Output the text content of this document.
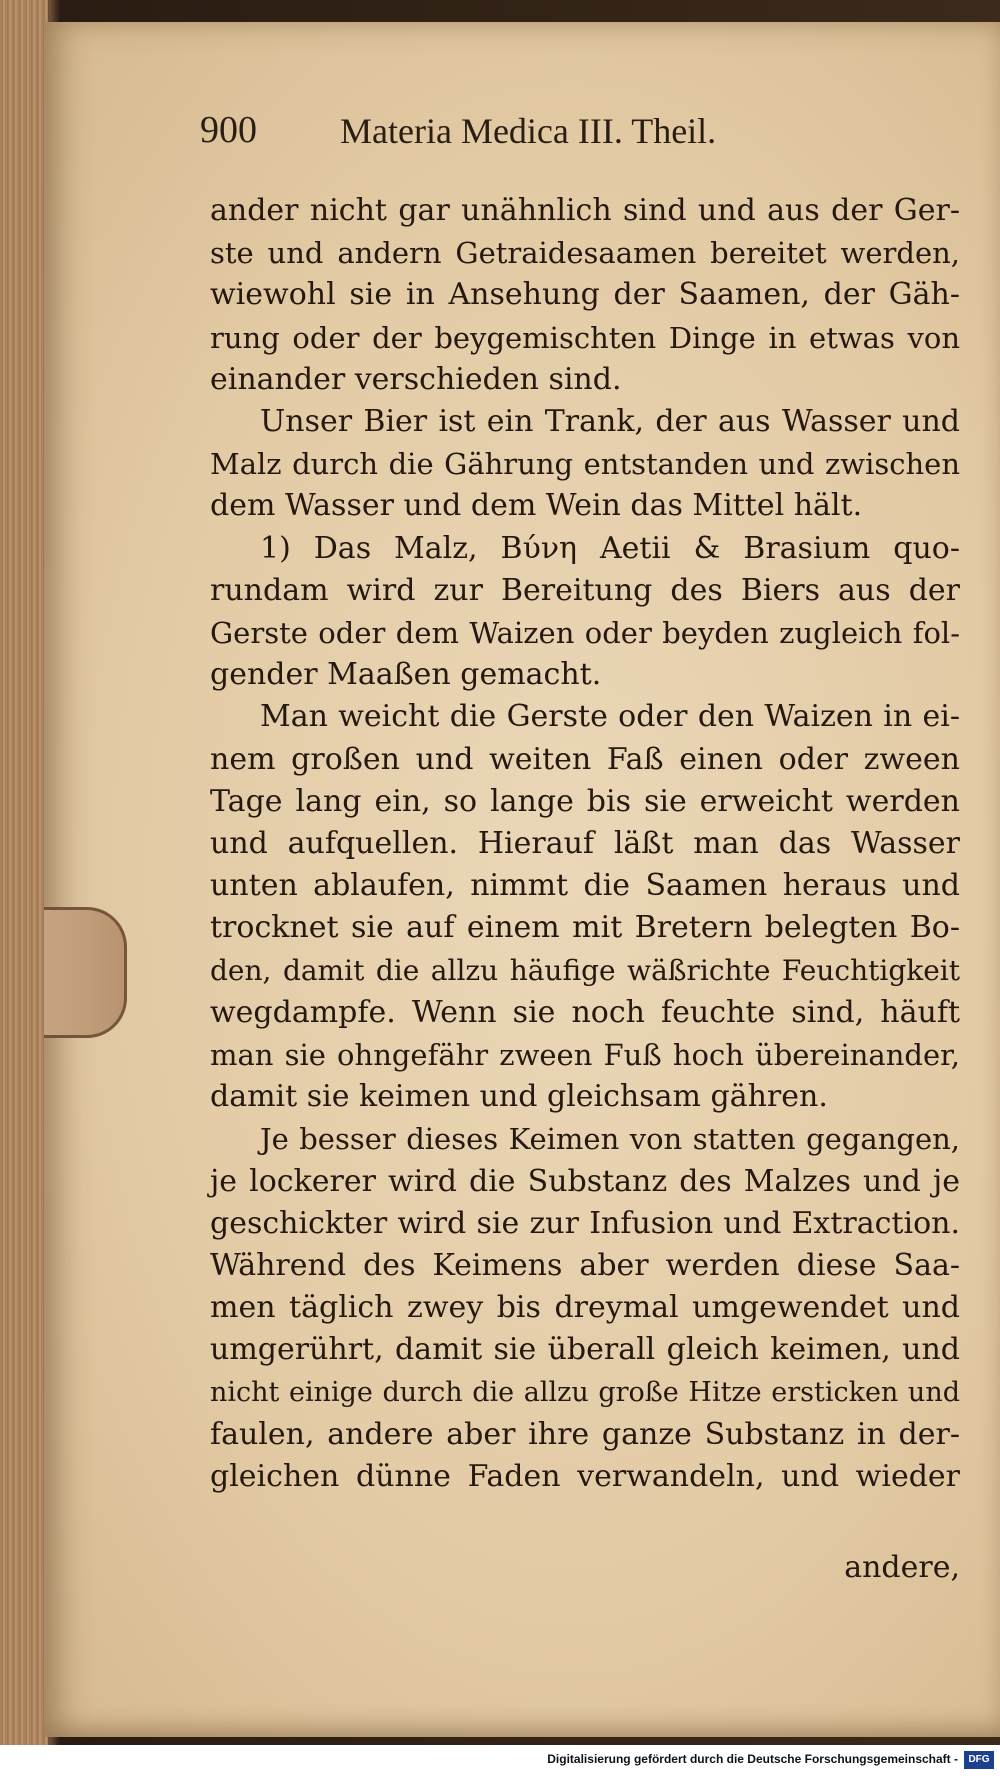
900 Materia Medica III. Theil.
ander nicht gar unähnlich sind und aus der Ger-
ste und andern Getraidesaamen bereitet werden,
wiewohl sie in Ansehung der Saamen, der Gäh-
rung oder der beygemischten Dinge in etwas von
einander verschieden sind.
Unser Bier ist ein Trank, der aus Wasser und
Malz durch die Gährung entstanden und zwischen
dem Wasser und dem Wein das Mittel hält.
1) Das Malz, Βύνη Aetii & Brasium quo-
rundam wird zur Bereitung des Biers aus der
Gerste oder dem Waizen oder beyden zugleich fol-
gender Maaßen gemacht.
Man weicht die Gerste oder den Waizen in ei-
nem großen und weiten Faß einen oder zween
Tage lang ein, so lange bis sie erweicht werden
und aufquellen. Hierauf läßt man das Wasser
unten ablaufen, nimmt die Saamen heraus und
trocknet sie auf einem mit Bretern belegten Bo-
den, damit die allzu häufige wäßrichte Feuchtigkeit
wegdampfe. Wenn sie noch feuchte sind, häuft
man sie ohngefähr zween Fuß hoch übereinander,
damit sie keimen und gleichsam gähren.
Je besser dieses Keimen von statten gegangen,
je lockerer wird die Substanz des Malzes und je
geschickter wird sie zur Infusion und Extraction.
Während des Keimens aber werden diese Saa-
men täglich zwey bis dreymal umgewendet und
umgerührt, damit sie überall gleich keimen, und
nicht einige durch die allzu große Hitze ersticken und
faulen, andere aber ihre ganze Substanz in der-
gleichen dünne Faden verwandeln, und wieder
andere,
Digitalisierung gefördert durch die Deutsche Forschungsgemeinschaft -	DFG
